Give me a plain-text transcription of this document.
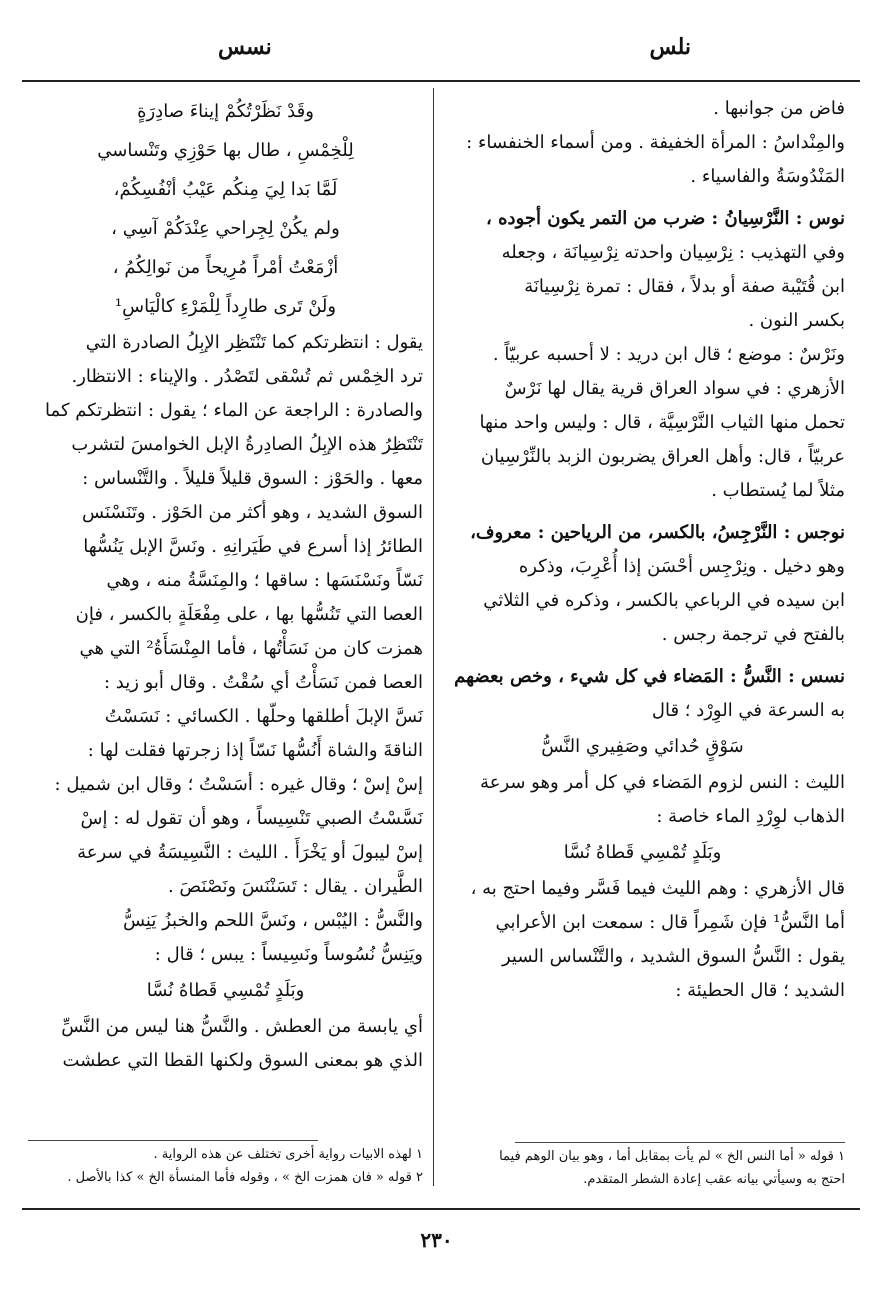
نلس
نسس

فاض من جوانبها .

والمِنْداسُ : المرأة الخفيفة . ومن أسماء الخنفساء :

المَنْدُوسَةُ والفاسياء .

نوس : النَّرْسِيانُ : ضرب من التمر يكون أجوده ،

وفي التهذيب : نِرْسِيان واحدته نِرْسِيانَة ، وجعله

ابن قُتَيْبة صفة أو بدلاً ، فقال : تمرة نِرْسِيانَة

بكسر النون .

ونَرْسٌ : موضع ؛ قال ابن دريد : لا أحسبه عربيّاً .

الأزهري : في سواد العراق قرية يقال لها نَرْسٌ

تحمل منها الثياب النَّرْسِيَّة ، قال : وليس واحد منها

عربيّاً ، قال: وأهل العراق يضربون الزبد بالنِّرْسِيان

مثلاً لما يُستطاب .

نوجس : النَّرْجِسُ، بالكسر، من الرياحين : معروف،

وهو دخيل . ونِرْجِس أحْسَن إذا أُعْرِبَ، وذكره

ابن سيده في الرباعي بالكسر ، وذكره في الثلاثي

بالفتح في ترجمة رجس .

نسس : النَّسُّ : المَضاء في كل شيء ، وخص بعضهم

به السرعة في الوِرْد ؛ قال

سَوْقٍ حُدائي وصَفِيري النَّسُّ

الليث : النس لزوم المَضاء في كل أمر وهو سرعة

الذهاب لوِرْدِ الماء خاصة :

وبَلَدٍ تُمْسِي قَطاهُ نُسَّا

قال الأزهري : وهم الليث فيما فَسَّر وفيما احتج به ،

أما النَّسُّ¹ فإن شَمِراً قال : سمعت ابن الأعرابي

يقول : النَّسُّ السوق الشديد ، والتَّنْساس السير

الشديد ؛ قال الحطيئة :

وقَدْ نَظَرْتُكُمْ إيناءَ صادِرَةٍ

لِلْخِمْسِ ، طال بها حَوْزِي وتَنْساسي

لَمَّا بَدا لِيَ مِنكُم عَيْبُ أنْفُسِكُمْ،

ولم يكُنْ لِجِراحي عِنْدَكُمْ آسِي ،

أزْمَعْتُ أمْراً مُرِيحاً من نَوالِكُمُ ،

ولَنْ تَرى طارِداً لِلْمَرْءِ كالْيَاسِ¹

يقول : انتظرتكم كما تَنْتَظِر الإبِلُ الصادرة التي

ترد الخِمْس ثم تُسْقى لتَصْدُر . والإيناء : الانتظار.

والصادرة : الراجعة عن الماء ؛ يقول : انتظرتكم كما

تَنْتَظِرُ هذه الإبِلُ الصادِرةُ الإبل الخوامسَ لتشرب

معها . والحَوْز : السوق قليلاً قليلاً . والتَّنْساس :

السوق الشديد ، وهو أكثر من الحَوْز . وتَنَسْنَس

الطائرُ إذا أسرع في طَيَرانِهِ . ونَسَّ الإبل يَنُسُّها

نَسّاً ونَسْنَسَها : ساقها ؛ والمِنَسَّةُ منه ، وهي

العصا التي تَنُسُّها بها ، على مِفْعَلَةٍ بالكسر ، فإن

همزت كان من نَسَأْتُها ، فأما المِنْسَأَةُ² التي هي

العصا فمن نَسَأْتُ أي سُقْتُ . وقال أبو زيد :

نَسَّ الإبلَ أطلقها وحلّها . الكسائي : نَسَسْتُ

الناقةَ والشاة أَنُسُّها نَسّاً إذا زجرتها فقلت لها :

إسْ إسْ ؛ وقال غيره : أسَسْتُ ؛ وقال ابن شميل :

نَسَّسْتُ الصبي تَنْسِيساً ، وهو أن تقول له : إسْ

إسْ ليبولَ أو يَخْرَأَ . الليث : النَّسِيسَةُ في سرعة

الطَّيران . يقال : تَسَنْنَسَ ونَصْنَصَ .

والنَّسُّ : اليُبْس ، ونَسَّ اللحم والخبزُ يَنِسُّ

ويَنِسُّ نُسُوساً ونَسِيساً : يبس ؛ قال :

وبَلَدٍ تُمْسِي قَطاهُ نُسَّا

أي يابسة من العطش . والنَّسُّ هنا ليس من النَّسِّ

الذي هو بمعنى السوق ولكنها القطا التي عطشت

١ قوله « أما النس الخ » لم يأت بمقابل أما ، وهو بيان الوهم فيما

احتج به وسيأتي بيانه عقب إعادة الشطر المتقدم.

١ لهذه الابيات رواية أخرى تختلف عن هذه الرواية .

٢ قوله « فان همزت الخ » ، وقوله فأما المنسأة الخ » كذا بالأصل .

٢٣٠
